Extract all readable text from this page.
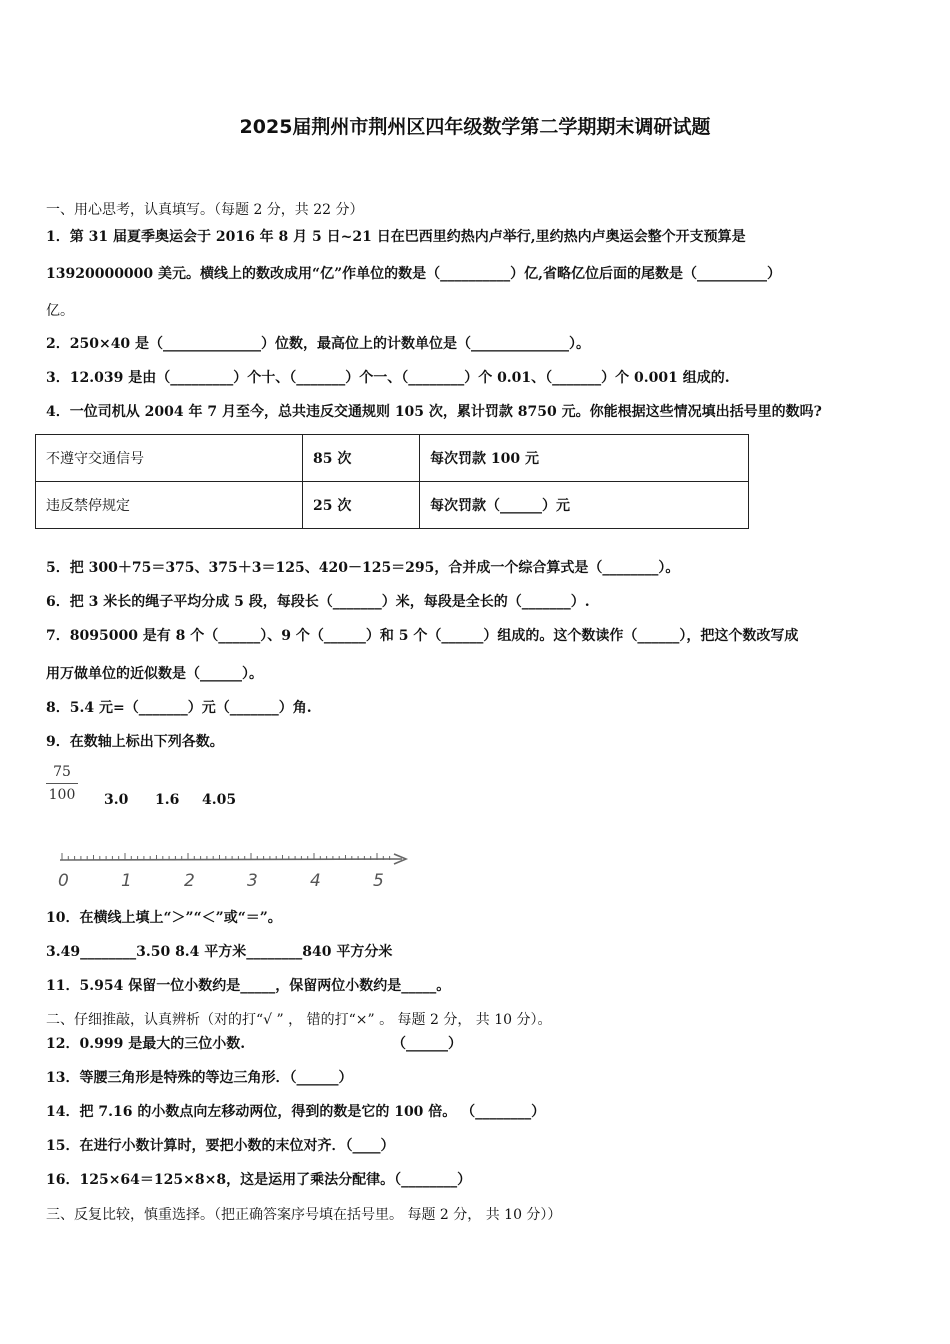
2025届荆州市荆州区四年级数学第二学期期末调研试题
一、用心思考，认真填写。（每题 2 分，共 22 分）
1．第 31 届夏季奥运会于 2016 年 8 月 5 日~21 日在巴西里约热内卢举行,里约热内卢奥运会整个开支预算是
13920000000 美元。横线上的数改成用“亿”作单位的数是（__________）亿,省略亿位后面的尾数是（__________）
亿。
2．250×40 是（______________）位数，最高位上的计数单位是（______________）。
3．12.039 是由（_________）个十、（_______）个一、（________）个 0.01、（_______）个 0.001 组成的.
4．一位司机从 2004 年 7 月至今，总共违反交通规则 105 次，累计罚款 8750 元。你能根据这些情况填出括号里的数吗?
不遵守交通信号	85 次	每次罚款 100 元
违反禁停规定	25 次	每次罚款（______）元
5．把 300＋75＝375、375＋3＝125、420－125＝295，合并成一个综合算式是（________）。
6．把 3 米长的绳子平均分成 5 段，每段长（_______）米，每段是全长的（_______）.
7．8095000 是有 8 个（______）、9 个（______）和 5 个（______）组成的。这个数读作（______），把这个数改写成
用万做单位的近似数是（______）。
8．5.4 元=（_______）元（_______）角.
9．在数轴上标出下列各数。
75
100 3.0 1.6 4.05
0	1	2	3	4	5
10．在横线上填上“＞”“＜”或“＝”。
3.49________3.50 8.4 平方米________840 平方分米
11．5.954 保留一位小数约是_____，保留两位小数约是_____。
二、仔细推敲，认真辨析（对的打“√ ” ， 错的打“×” 。 每题 2 分， 共 10 分）。
12．0.999 是最大的三位小数.	（______）
13．等腰三角形是特殊的等边三角形．（______）
14．把 7.16 的小数点向左移动两位，得到的数是它的 100 倍。 （________）
15．在进行小数计算时，要把小数的末位对齐．（____）
16．125×64＝125×8×8，这是运用了乘法分配律。（________）
三、反复比较，慎重选择。（把正确答案序号填在括号里。 每题 2 分， 共 10 分））
